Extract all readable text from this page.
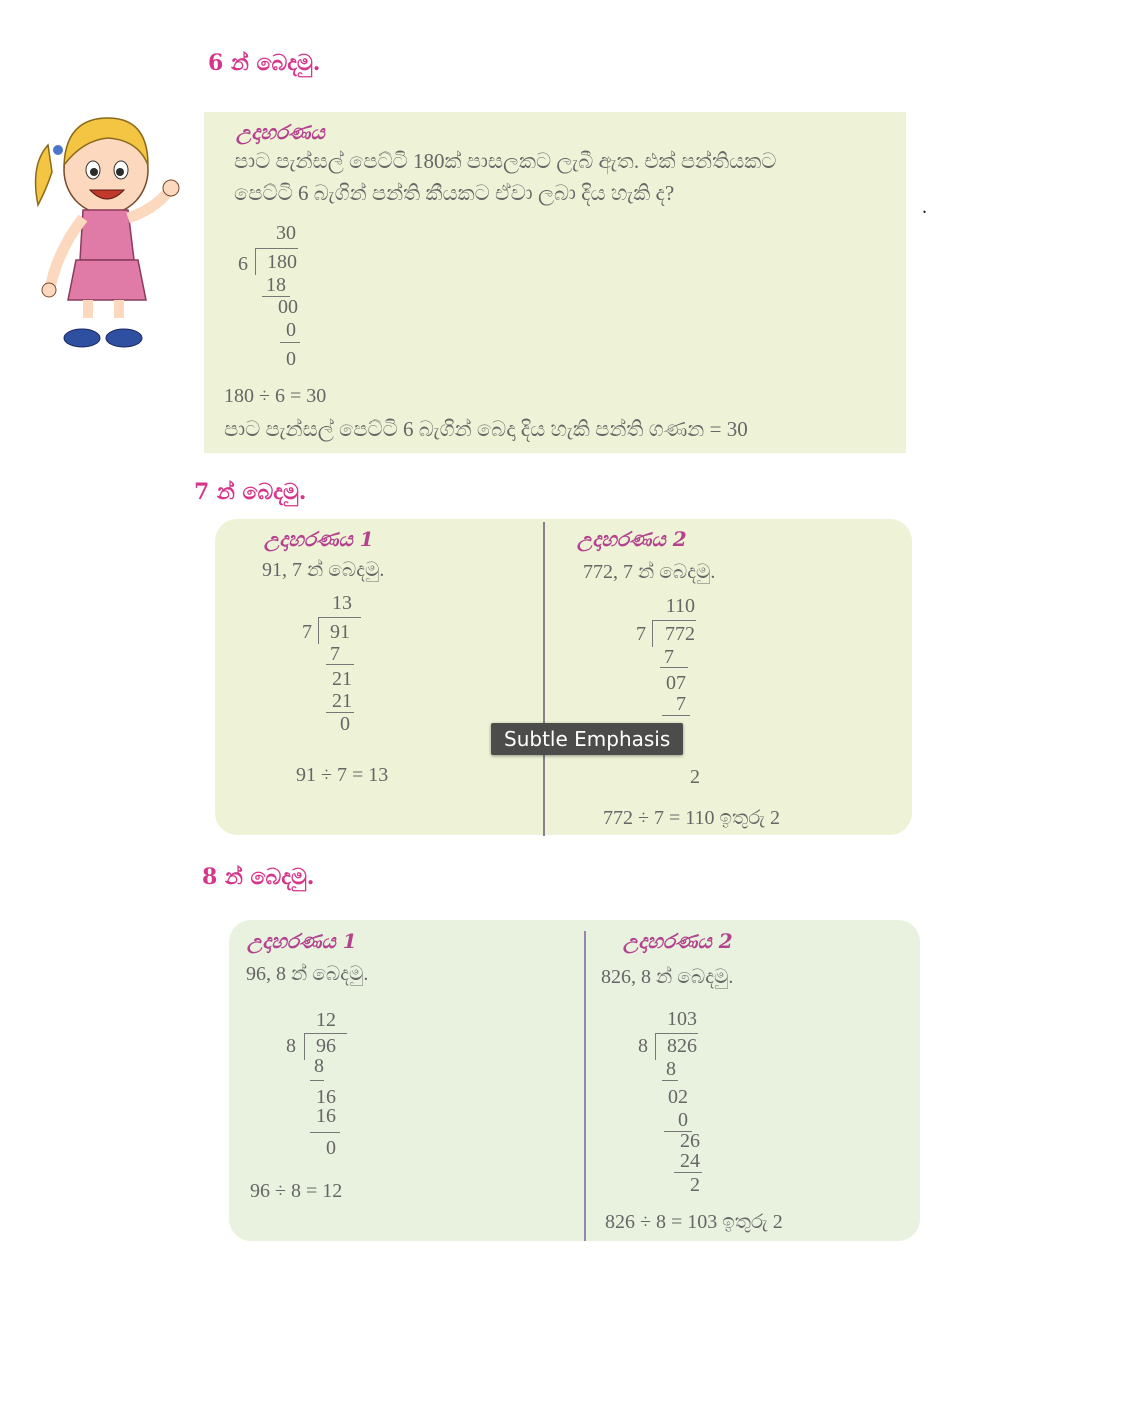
6 න් බෙදමු.
උදාහරණය
පාට පැන්සල් පෙට්ටි 180ක් පාසලකට ලැබී ඇත. එක් පන්තියකට
පෙට්ටි 6 බැගින් පන්ති කීයකට ඒවා ලබා දිය හැකි ද?
.
30
6 180
18
00
0
0
180 ÷ 6 = 30
පාට පැන්සල් පෙට්ටි 6 බැගින් බෙදා දිය හැකි පන්ති ගණන = 30
7 න් බෙදමු.
උදාහරණය 1
91, 7 න් බෙදමු.
13
7 91
7
21
21
0
91 ÷ 7 = 13
උදාහරණය 2
772, 7 න් බෙදමු.
110
7 772
7
07
7
2
772 ÷ 7 = 110 ඉතුරු 2
Subtle Emphasis
8 න් බෙදමු.
උදාහරණය 1
96, 8 න් බෙදමු.
12
8	96
8
16
16
0
96 ÷ 8 = 12
උදාහරණය 2
826, 8 න් බෙදමු.
103
8 826
8
02
0
26
24
2
826 ÷ 8 = 103 ඉතුරු 2
